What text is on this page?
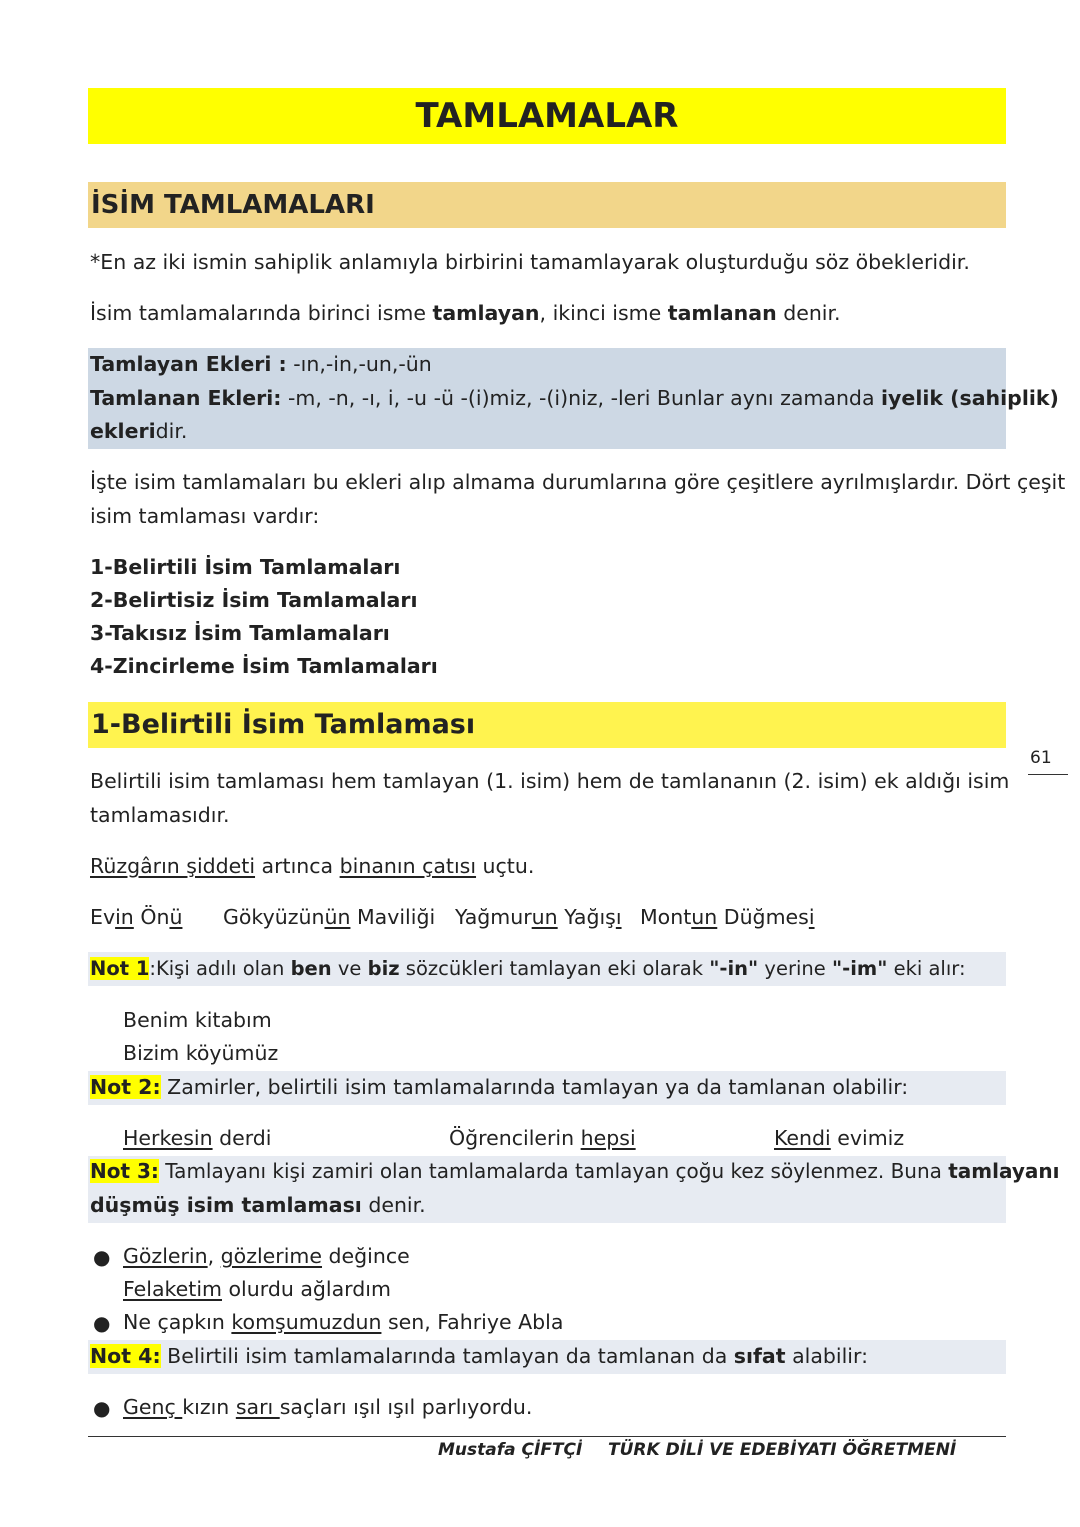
TAMLAMALAR
İSİM TAMLAMALARI
*En az iki ismin sahiplik anlamıyla birbirini tamamlayarak oluşturduğu söz öbekleridir.
İsim tamlamalarında birinci isme tamlayan, ikinci isme tamlanan denir.
Tamlayan Ekleri : -ın,-in,-un,-ün
Tamlanan Ekleri: -m, -n, -ı, i, -u -ü -(i)miz, -(i)niz, -leri Bunlar aynı zamanda iyelik (sahiplik)
ekleridir.
İşte isim tamlamaları bu ekleri alıp almama durumlarına göre çeşitlere ayrılmışlardır. Dört çeşit
isim tamlaması vardır:
1-Belirtili İsim Tamlamaları
2-Belirtisiz İsim Tamlamaları
3-Takısız İsim Tamlamaları
4-Zincirleme İsim Tamlamaları
1-Belirtili İsim Tamlaması
Belirtili isim tamlaması hem tamlayan (1. isim) hem de tamlananın (2. isim) ek aldığı isim
tamlamasıdır.
Rüzgârın şiddeti artınca binanın çatısı uçtu.
Evin Önü Gökyüzünün Maviliği Yağmurun Yağışı Montun Düğmesi
Not 1:Kişi adılı olan ben ve biz sözcükleri tamlayan eki olarak "-in" yerine "-im" eki alır:
Benim kitabım
Bizim köyümüz
Not 2: Zamirler, belirtili isim tamlamalarında tamlayan ya da tamlanan olabilir:
Herkesin derdi	Öğrencilerin hepsi	Kendi evimiz
Not 3: Tamlayanı kişi zamiri olan tamlamalarda tamlayan çoğu kez söylenmez. Buna tamlayanı
düşmüş isim tamlaması denir.
● Gözlerin, gözlerime değince
Felaketim olurdu ağlardım
● Ne çapkın komşumuzdun sen, Fahriye Abla
Not 4: Belirtili isim tamlamalarında tamlayan da tamlanan da sıfat alabilir:
● Genç kızın sarı saçları ışıl ışıl parlıyordu.
61
Mustafa ÇİFTÇİ TÜRK DİLİ VE EDEBİYATI ÖĞRETMENİ
